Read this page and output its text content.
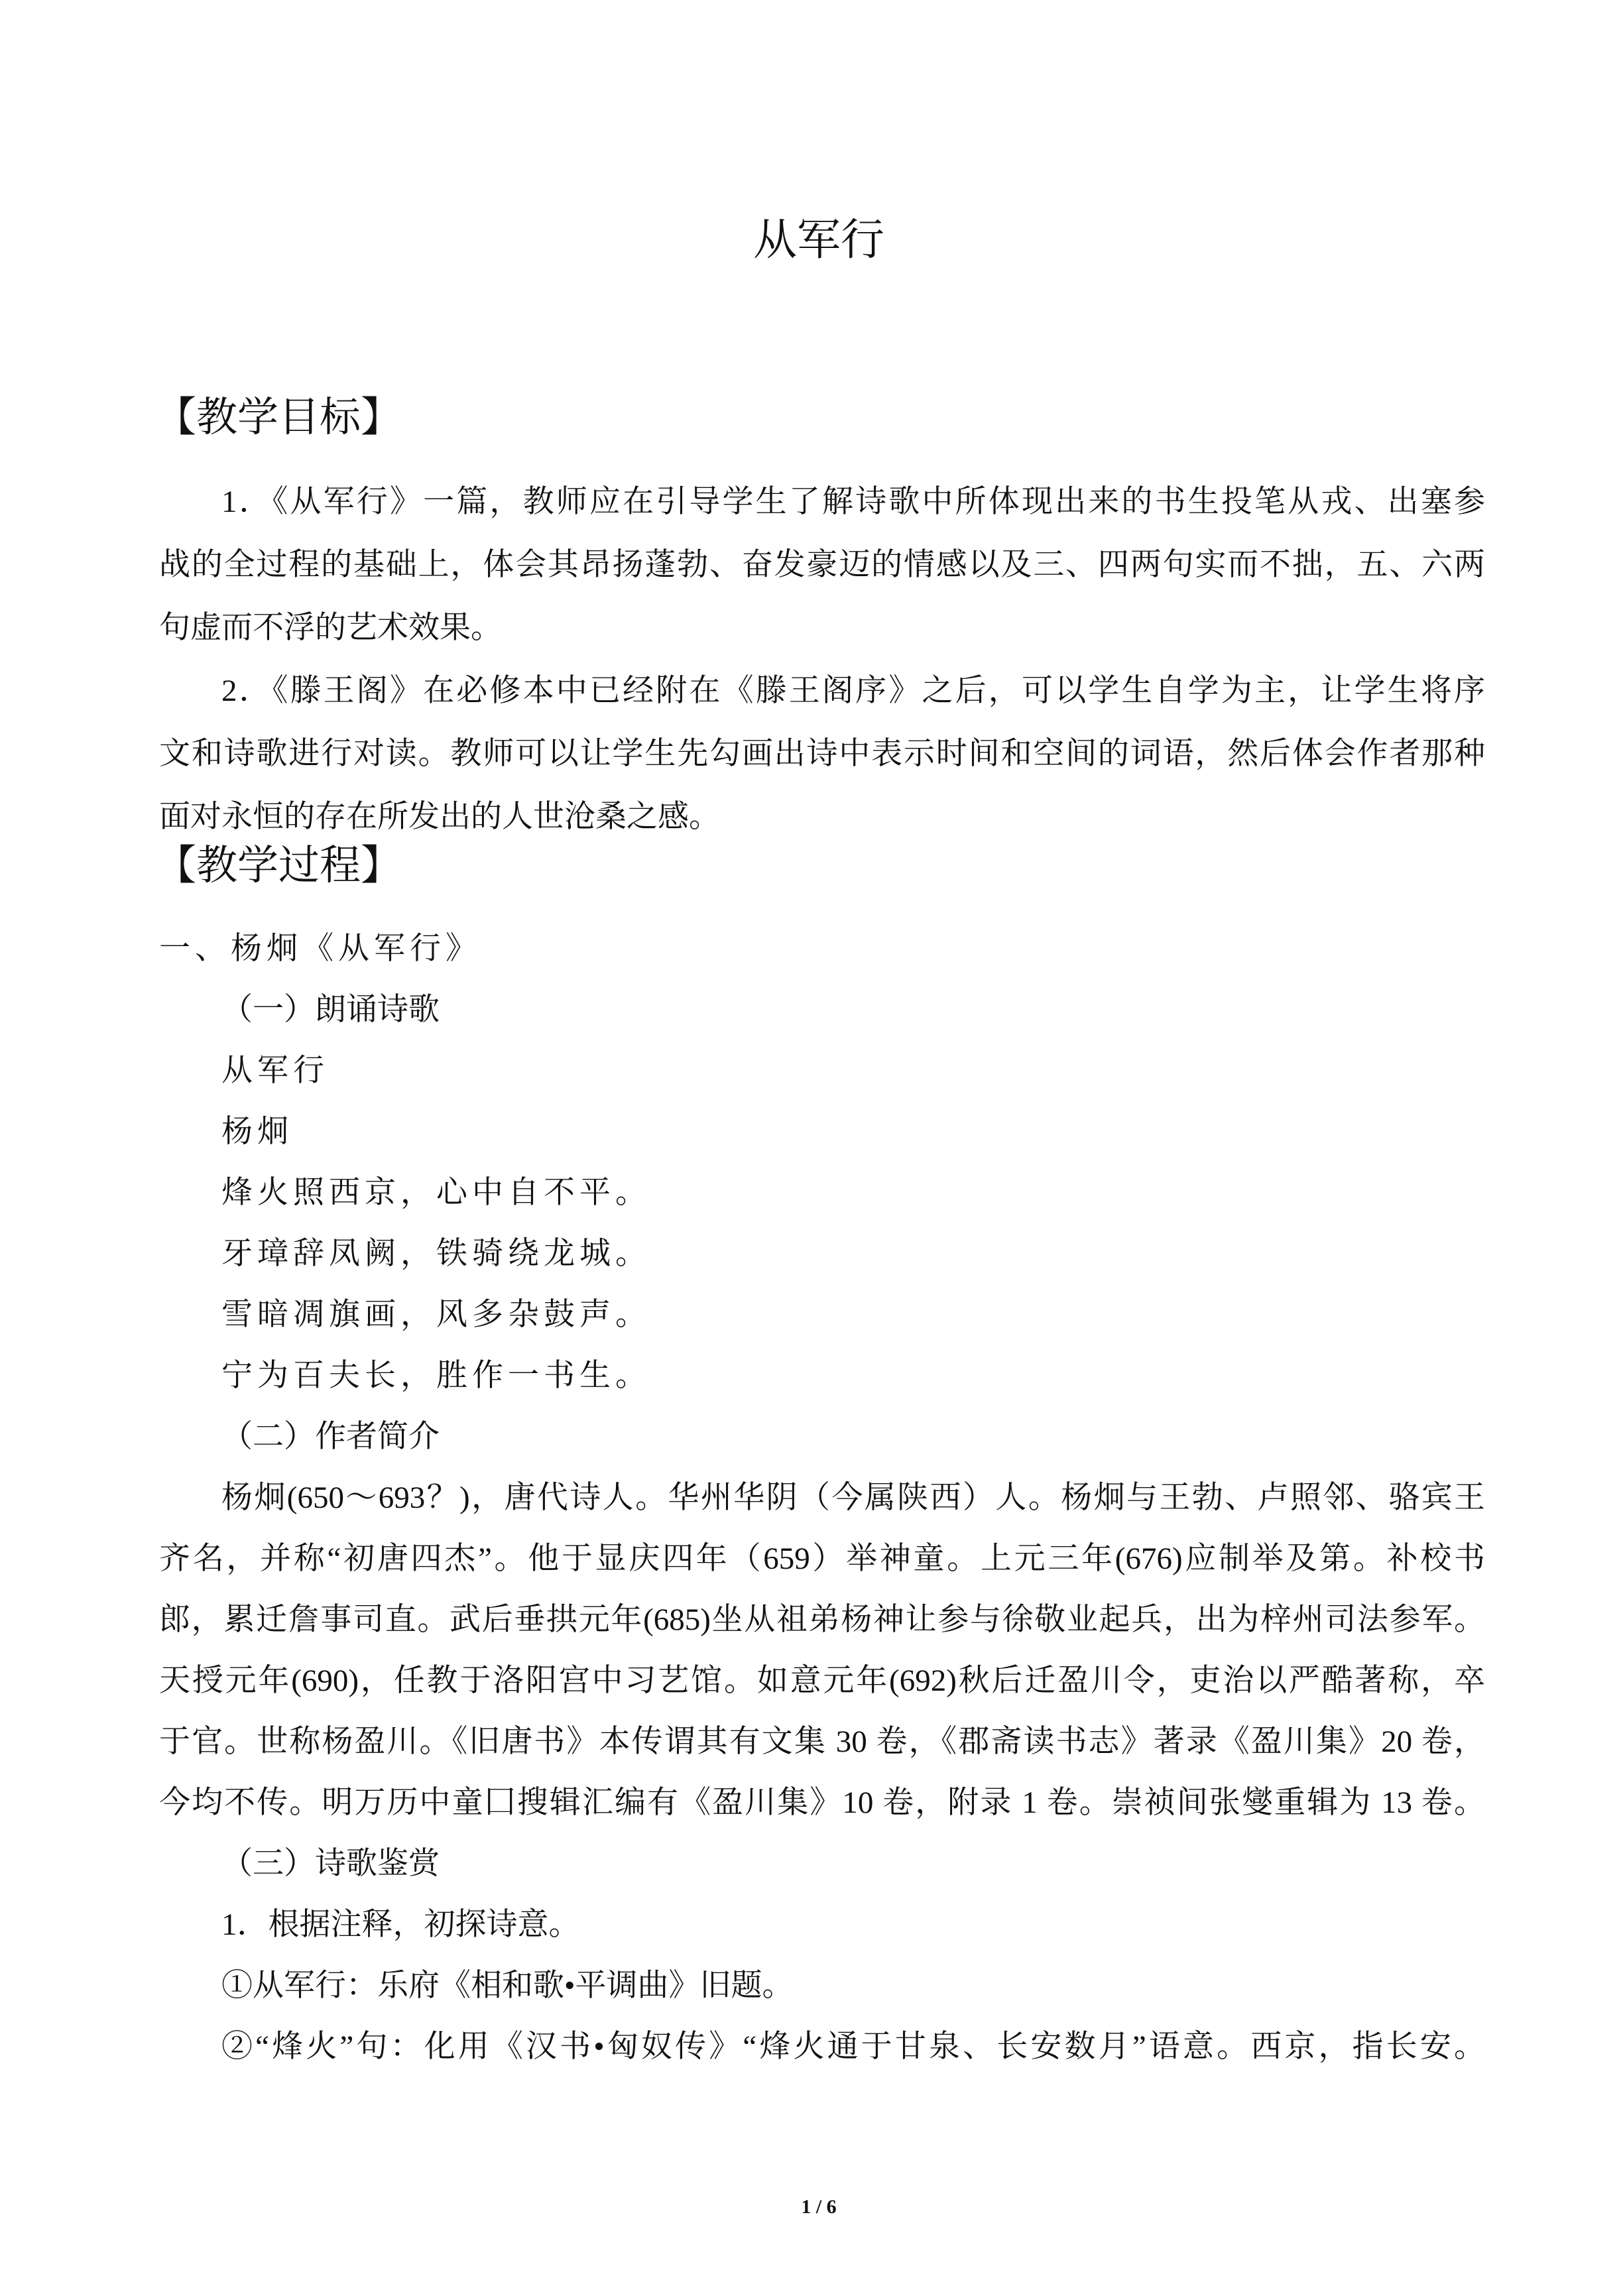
从军行
【教学目标】
1．《从军行》一篇，教师应在引导学生了解诗歌中所体现出来的书生投笔从戎、出塞参
战的全过程的基础上，体会其昂扬蓬勃、奋发豪迈的情感以及三、四两句实而不拙，五、六两
句虚而不浮的艺术效果。
2．《滕王阁》在必修本中已经附在《滕王阁序》之后，可以学生自学为主，让学生将序
文和诗歌进行对读。教师可以让学生先勾画出诗中表示时间和空间的词语，然后体会作者那种
面对永恒的存在所发出的人世沧桑之感。
【教学过程】
一、杨炯《从军行》
（一）朗诵诗歌
从军行
杨炯
烽火照西京，心中自不平。
牙璋辞凤阙，铁骑绕龙城。
雪暗凋旗画，风多杂鼓声。
宁为百夫长，胜作一书生。
（二）作者简介
杨炯(650～693？)，唐代诗人。华州华阴（今属陕西）人。杨炯与王勃、卢照邻、骆宾王
齐名，并称“初唐四杰”。他于显庆四年（659）举神童。上元三年(676)应制举及第。补校书
郎，累迁詹事司直。武后垂拱元年(685)坐从祖弟杨神让参与徐敬业起兵，出为梓州司法参军。
天授元年(690)，任教于洛阳宫中习艺馆。如意元年(692)秋后迁盈川令，吏治以严酷著称，卒
于官。世称杨盈川。《旧唐书》本传谓其有文集 30 卷，《郡斋读书志》著录《盈川集》20 卷，
今均不传。明万历中童囗搜辑汇编有《盈川集》10 卷，附录 1 卷。崇祯间张燮重辑为 13 卷。
（三）诗歌鉴赏
1．根据注释，初探诗意。
①从军行：乐府《相和歌•平调曲》旧题。
②“烽火”句：化用《汉书•匈奴传》“烽火通于甘泉、长安数月”语意。西京，指长安。
1 / 6
